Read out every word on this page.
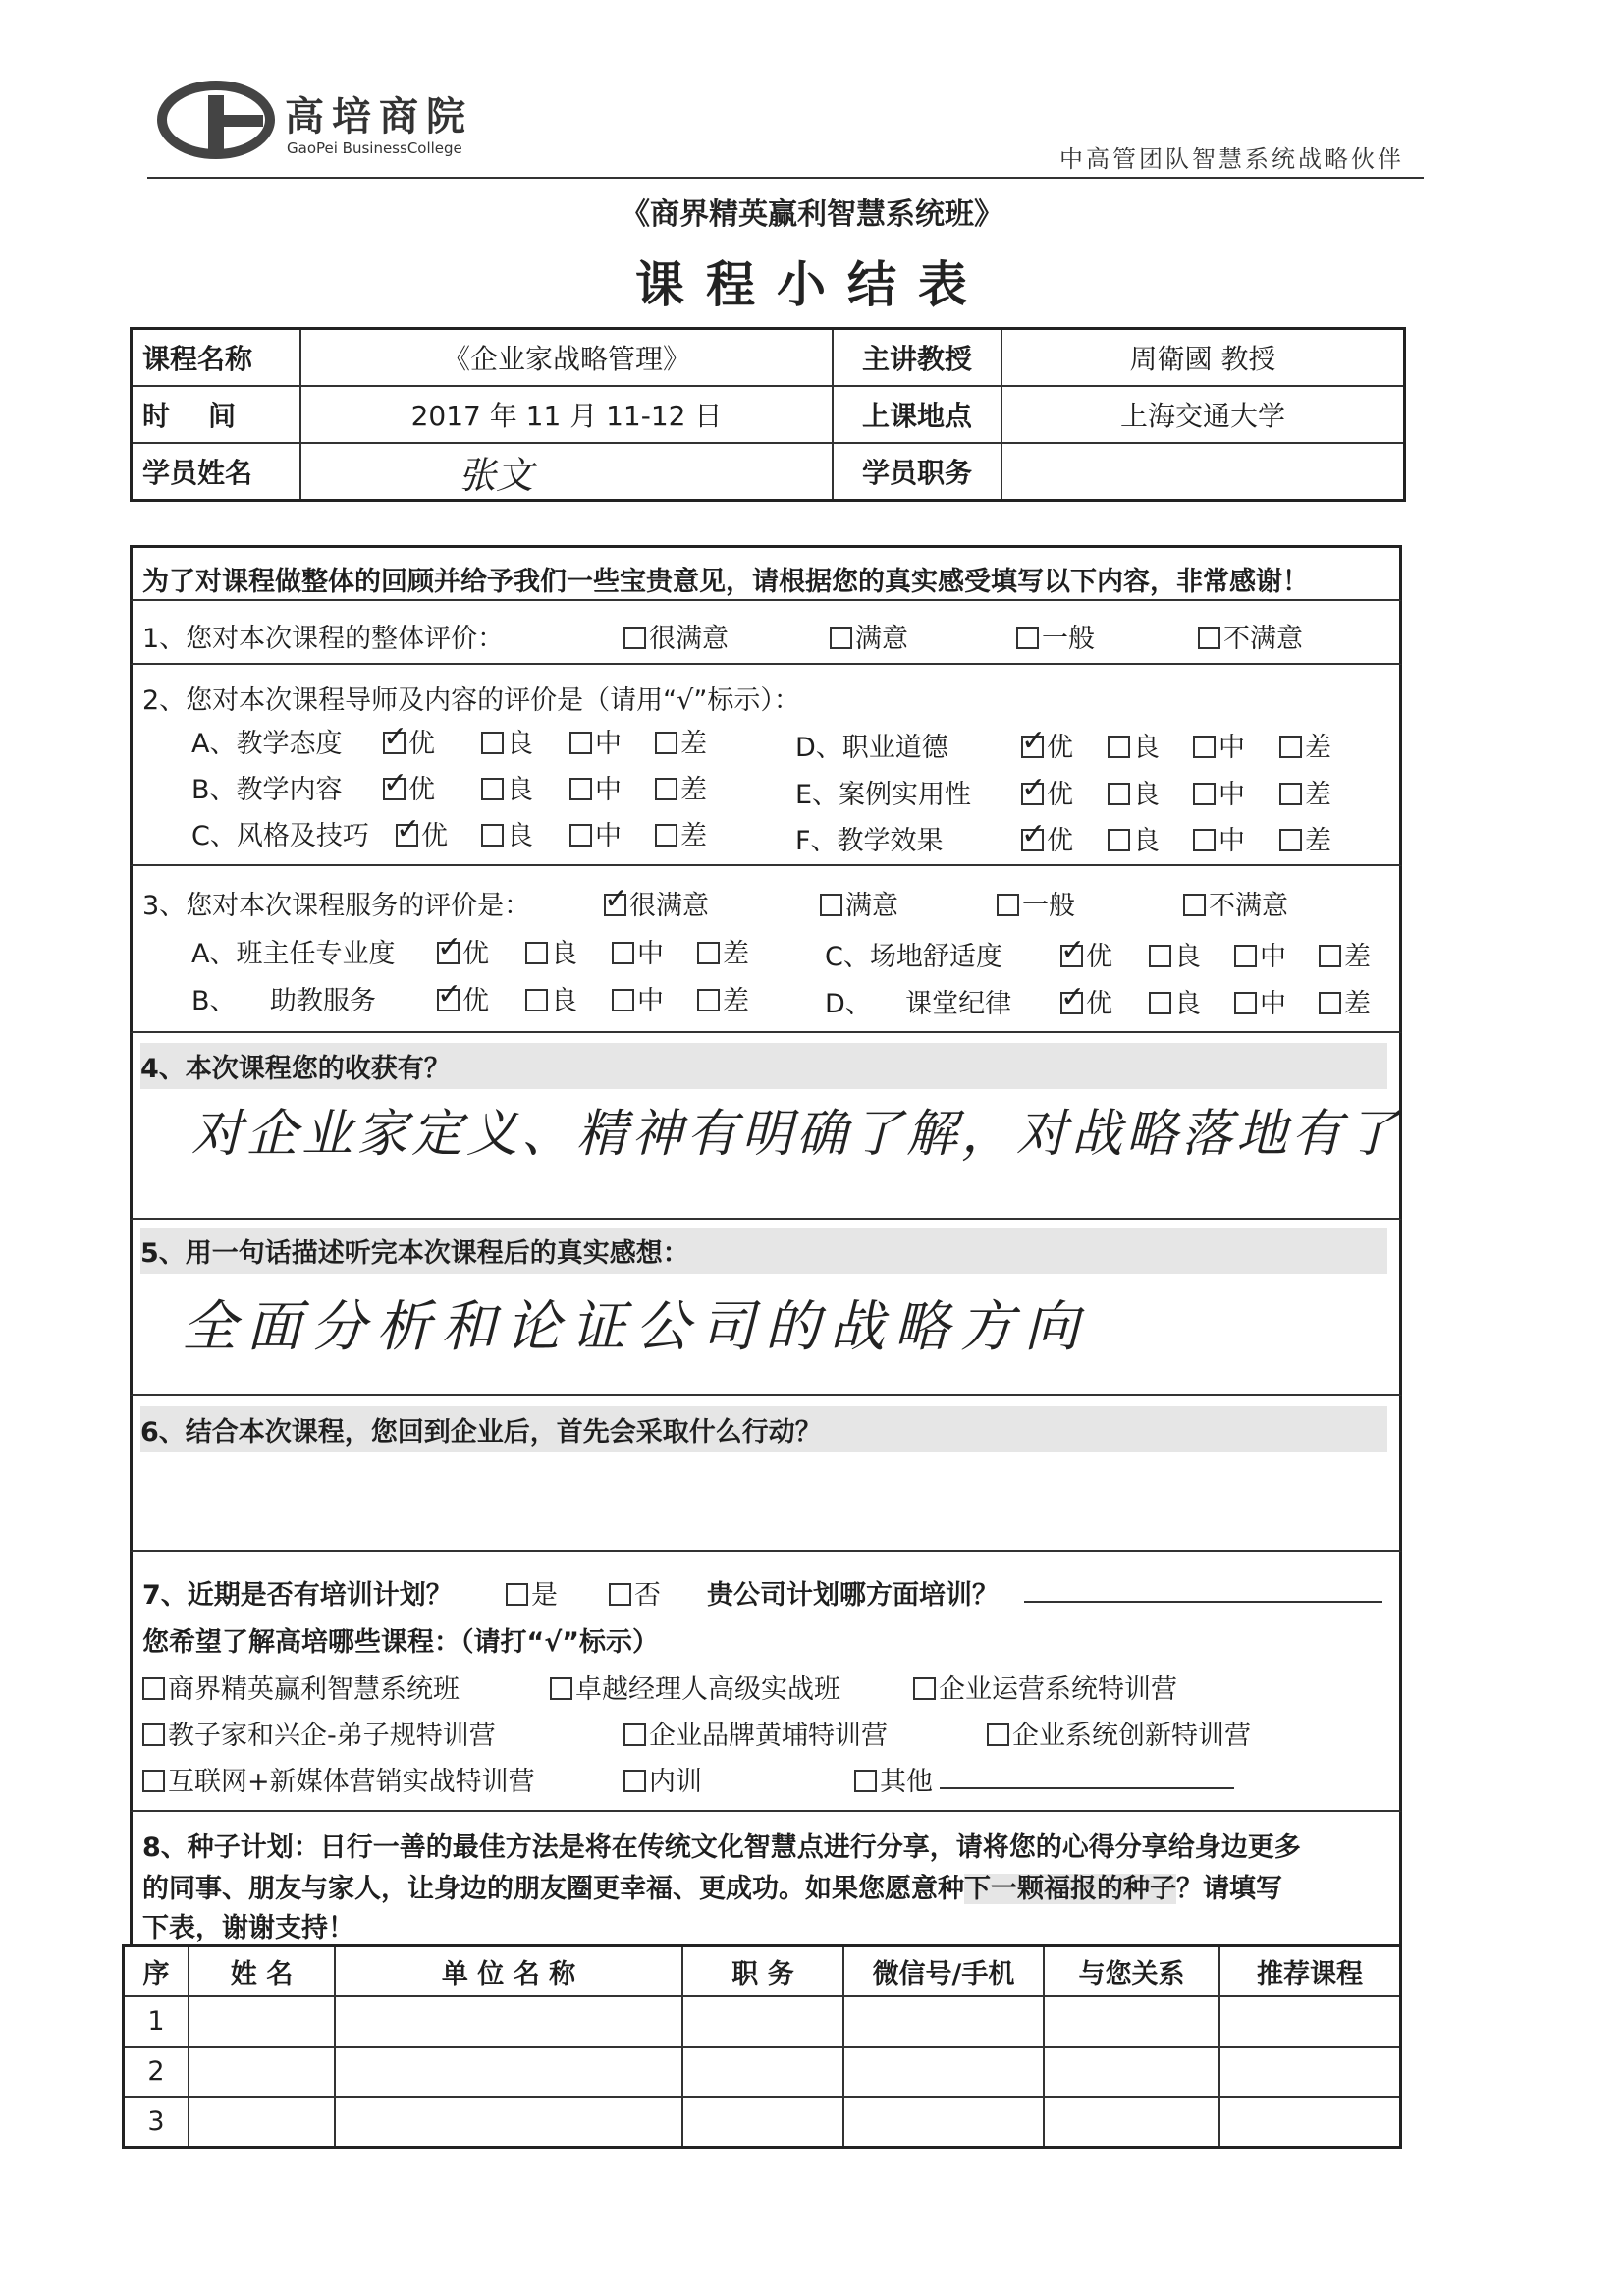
高培商院
GaoPei BusinessCollege	中高管团队智慧系统战略伙伴
《商界精英赢利智慧系统班》
课程小结表
课程名称	《企业家战略管理》	主讲教授	周衛國 教授
时    间	2017 年 11 月 11-12 日	上课地点	上海交通大学
学员姓名	张文	学员职务	
为了对课程做整体的回顾并给予我们一些宝贵意见，请根据您的真实感受填写以下内容，非常感谢！
1、您对本次课程的整体评价：	很满意	满意	一般	不满意
2、您对本次课程导师及内容的评价是（请用“√”标示）：
A、教学态度 ✓	优	良	中	差
B、教学内容 ✓	优	良	中	差
C、风格及技巧 ✓	优	良	中	差
D、职业道德 ✓	优	良	中	差
E、案例实用性 ✓	优	良	中	差
F、教学效果 ✓	优	良	中	差
3、您对本次课程服务的评价是： ✓	很满意	满意	一般	不满意
A、班主任专业度 ✓	优	良	中	差
B、    助教服务 ✓	优	良	中	差
C、场地舒适度 ✓	优	良	中	差
D、    课堂纪律 ✓	优	良	中	差
4、本次课程您的收获有？
对企业家定义、精神有明确了解，对战略落地有了
5、用一句话描述听完本次课程后的真实感想：
全面分析和论证公司的战略方向
6、结合本次课程，您回到企业后，首先会采取什么行动？
7、近期是否有培训计划？	是	否 贵公司计划哪方面培训？
您希望了解高培哪些课程：（请打“√”标示）
商界精英赢利智慧系统班	卓越经理人高级实战班	企业运营系统特训营
教子家和兴企-弟子规特训营	企业品牌黄埔特训营	企业系统创新特训营
互联网+新媒体营销实战特训营	内训	其他
8、种子计划：日行一善的最佳方法是将在传统文化智慧点进行分享，请将您的心得分享给身边更多
的同事、朋友与家人，让身边的朋友圈更幸福、更成功。如果您愿意种下一颗福报的种子？请填写
下表，谢谢支持！
序	姓 名	单 位 名 称	职 务	微信号/手机	与您关系	推荐课程
1						
2						
3						
